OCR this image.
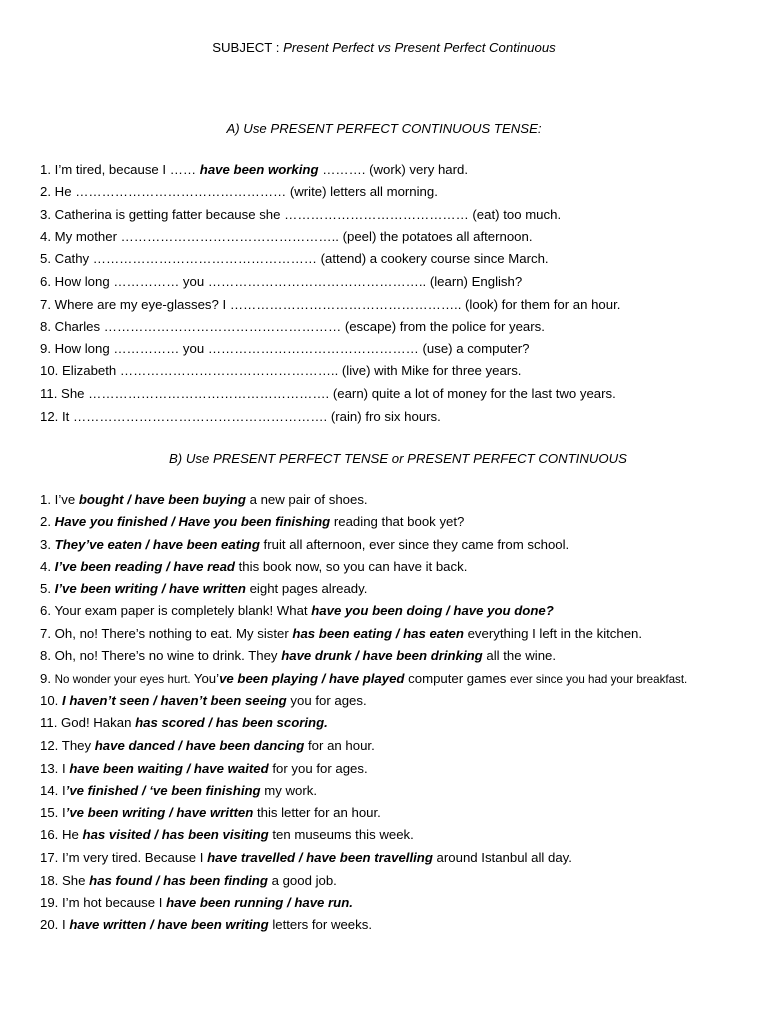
SUBJECT : Present Perfect vs Present Perfect Continuous
A) Use PRESENT PERFECT CONTINUOUS TENSE:
1. I’m tired, because I …… have been working ………. (work) very hard.
2. He ………………………………………… (write) letters all morning.
3. Catherina is getting fatter because she …………………………………… (eat) too much.
4. My mother ………………………………………….. (peel) the potatoes all afternoon.
5. Cathy …………………………………………… (attend) a cookery course since March.
6. How long …………… you ………………………………………….. (learn) English?
7. Where are my eye-glasses? I …………………………………………….. (look) for them for an hour.
8. Charles ……………………………………………… (escape) from the police for years.
9. How long …………… you ………………………………………… (use) a computer?
10. Elizabeth ………………………………………….. (live) with Mike for three years.
11. She ………………………………………………. (earn) quite a lot of money for the last two years.
12. It …………………………………………………. (rain) fro six hours.
B) Use PRESENT PERFECT TENSE or PRESENT PERFECT CONTINUOUS
1. I’ve bought / have been buying a new pair of shoes.
2. Have you finished / Have you been finishing reading that book yet?
3. They’ve eaten / have been eating fruit all afternoon, ever since they came from school.
4. I’ve been reading / have read this book now, so you can have it back.
5. I’ve been writing / have written eight pages already.
6. Your exam paper is completely blank! What have you been doing / have you done?
7. Oh, no! There’s nothing to eat. My sister has been eating / has eaten everything I left in the kitchen.
8. Oh, no! There’s no wine to drink. They have drunk / have been drinking all the wine.
9. No wonder your eyes hurt. You’ve been playing / have played computer games ever since you had your breakfast.
10. I haven’t seen / haven’t been seeing you for ages.
11. God! Hakan has scored / has been scoring.
12. They have danced / have been dancing for an hour.
13. I have been waiting / have waited for you for ages.
14. I’ve finished / ‘ve been finishing my work.
15. I’ve been writing / have written this letter for an hour.
16. He has visited / has been visiting ten museums this week.
17. I’m very tired. Because I have travelled / have been travelling around Istanbul all day.
18. She has found / has been finding a good job.
19. I’m hot because I have been running / have run.
20. I have written / have been writing letters for weeks.
